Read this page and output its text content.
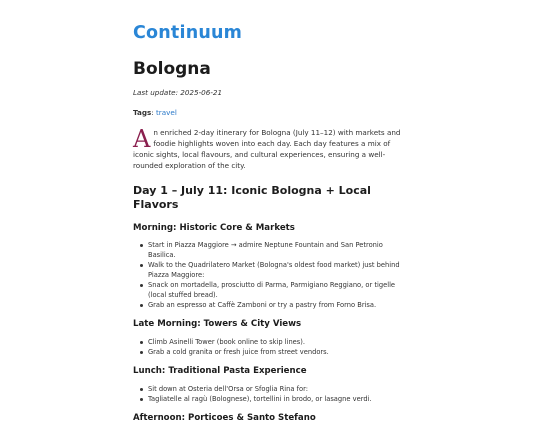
Continuum
Bologna
Last update: 2025-06-21
Tags: travel

An enriched 2-day itinerary for Bologna (July 11–12) with markets and foodie highlights woven into each day. Each day features a mix of iconic sights, local flavours, and cultural experiences, ensuring a well-rounded exploration of the city.

Day 1 – July 11: Iconic Bologna + Local Flavors
Morning: Historic Core & Markets
Start in Piazza Maggiore → admire Neptune Fountain and San Petronio Basilica.
Walk to the Quadrilatero Market (Bologna's oldest food market) just behind Piazza Maggiore:
Snack on mortadella, prosciutto di Parma, Parmigiano Reggiano, or tigelle (local stuffed bread).
Grab an espresso at Caffè Zamboni or try a pastry from Forno Brisa.
Late Morning: Towers & City Views
Climb Asinelli Tower (book online to skip lines).
Grab a cold granita or fresh juice from street vendors.
Lunch: Traditional Pasta Experience
Sit down at Osteria dell'Orsa or Sfoglia Rina for:
Tagliatelle al ragù (Bolognese), tortellini in brodo, or lasagne verdi.
Afternoon: Porticoes & Santo Stefano
